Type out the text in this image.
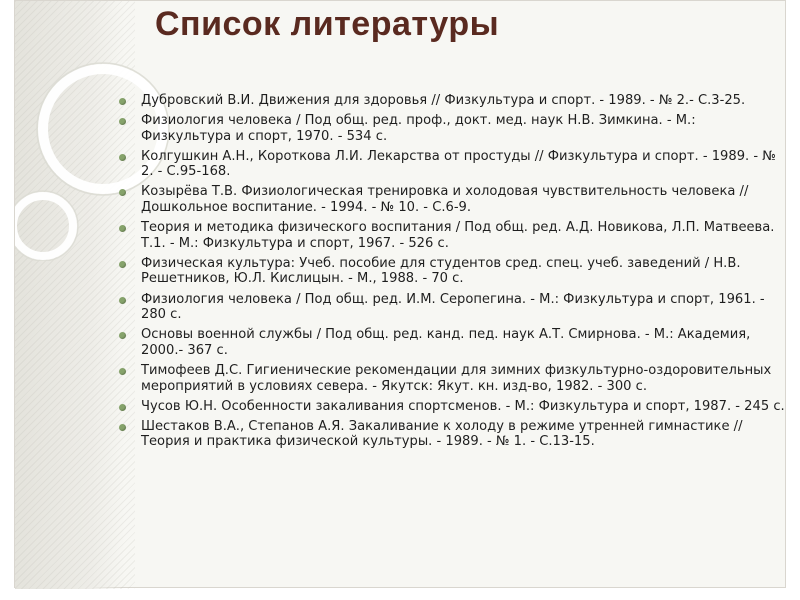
Список литературы
Дубровский В.И. Движения для здоровья // Физкультура и спорт. - 1989. - № 2.- С.3-25.
Физиология человека / Под общ. ред. проф., докт. мед. наук Н.В. Зимкина. - М.: Физкультура и спорт, 1970. - 534 с.
Колгушкин А.Н., Короткова Л.И. Лекарства от простуды // Физкультура и спорт. - 1989. - № 2. - С.95-168.
Козырёва Т.В. Физиологическая тренировка и холодовая чувствительность человека // Дошкольное воспитание. - 1994. - № 10. - С.6-9.
Теория и методика физического воспитания / Под общ. ред. А.Д. Новикова, Л.П. Матвеева. Т.1. - М.: Физкультура и спорт, 1967. - 526 с.
Физическая культура: Учеб. пособие для студентов сред. спец. учеб. заведений / Н.В. Решетников, Ю.Л. Кислицын. - М., 1988. - 70 с.
Физиология человека / Под общ. ред. И.М. Серопегина. - М.: Физкультура и спорт, 1961. - 280 с.
Основы военной службы / Под общ. ред. канд. пед. наук А.Т. Смирнова. - М.: Академия, 2000.- 367 с.
Тимофеев Д.С. Гигиенические рекомендации для зимних физкультурно-оздоровительных мероприятий в условиях севера. - Якутск: Якут. кн. изд-во, 1982. - 300 с.
Чусов Ю.Н. Особенности закаливания спортсменов. - М.: Физкультура и спорт, 1987. - 245 с.
Шестаков В.А., Степанов А.Я. Закаливание к холоду в режиме утренней гимнастике // Теория и практика физической культуры. - 1989. - № 1. - С.13-15.
